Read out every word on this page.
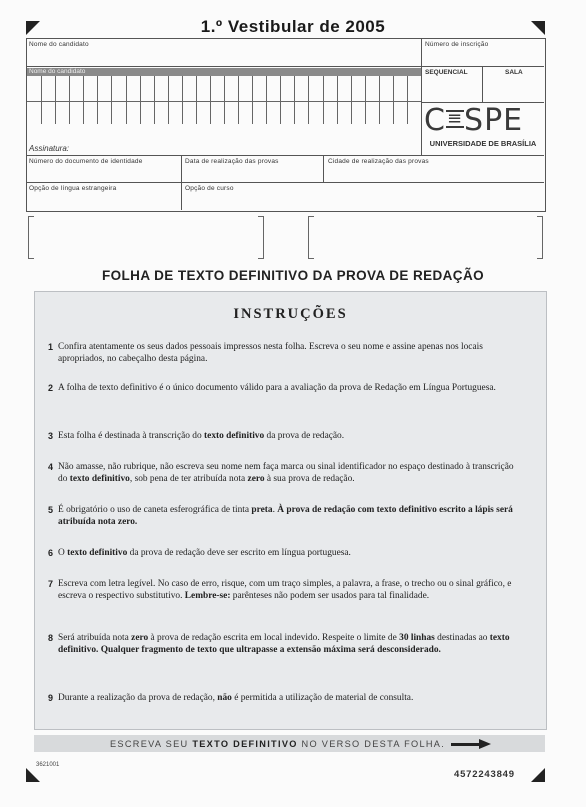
1.º Vestibular de 2005
Nome do candidato	Número de inscrição
Nome do candidato	SEQUENCIAL	SALA
C≡SPE
UNIVERSIDADE DE BRASÍLIA
Assinatura:
Número do documento de identidade	Data de realização das provas	Cidade de realização das provas
Opção de língua estrangeira	Opção de curso
FOLHA DE TEXTO DEFINITIVO DA PROVA DE REDAÇÃO
INSTRUÇÕES
1 Confira atentamente os seus dados pessoais impressos nesta folha. Escreva o seu nome e assine apenas nos locais apropriados, no cabeçalho desta página.
2 A folha de texto definitivo é o único documento válido para a avaliação da prova de Redação em Língua Portuguesa.
3 Esta folha é destinada à transcrição do texto definitivo da prova de redação.
4 Não amasse, não rubrique, não escreva seu nome nem faça marca ou sinal identificador no espaço destinado à transcrição do texto definitivo, sob pena de ter atribuída nota zero à sua prova de redação.
5 É obrigatório o uso de caneta esferográfica de tinta preta. À prova de redação com texto definitivo escrito a lápis será atribuída nota zero.
6 O texto definitivo da prova de redação deve ser escrito em língua portuguesa.
7 Escreva com letra legível. No caso de erro, risque, com um traço simples, a palavra, a frase, o trecho ou o sinal gráfico, e escreva o respectivo substitutivo. Lembre-se: parênteses não podem ser usados para tal finalidade.
8 Será atribuída nota zero à prova de redação escrita em local indevido. Respeite o limite de 30 linhas destinadas ao texto definitivo. Qualquer fragmento de texto que ultrapasse a extensão máxima será desconsiderado.
9 Durante a realização da prova de redação, não é permitida a utilização de material de consulta.
ESCREVA SEU TEXTO DEFINITIVO NO VERSO DESTA FOLHA.
3621001
4572243849
